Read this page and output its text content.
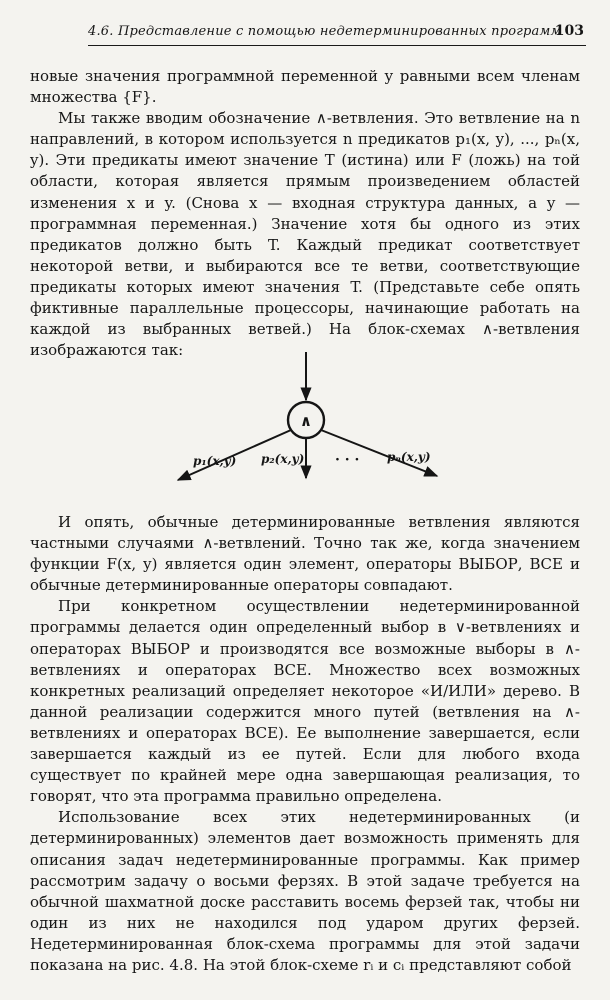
4.6. Представление с помощью недетерминированных программ
103

новые значения программной переменной y равными всем членам множества {F}.

Мы также вводим обозначение ∧-ветвления. Это ветвление на n направлений, в котором используется n предикатов p₁(x, y), ..., pₙ(x, y). Эти предикаты имеют значение T (истина) или F (ложь) на той области, которая является прямым произведением областей изменения x и y. (Снова x — входная структура данных, а y — программная переменная.) Значение хотя бы одного из этих предикатов должно быть T. Каждый предикат соответствует некоторой ветви, и выбираются все те ветви, соответствующие предикаты которых имеют значения T. (Представьте себе опять фиктивные параллельные процессоры, начинающие работать на каждой из выбранных ветвей.) На блок-схемах ∧-ветвления изображаются так:

∧
p₁(x,y) p₂(x,y) · · · pₙ(x,y)

И опять, обычные детерминированные ветвления являются частными случаями ∧-ветвлений. Точно так же, когда значением функции F(x, y) является один элемент, операторы ВЫБОР, ВСЕ и обычные детерминированные операторы совпадают.

При конкретном осуществлении недетерминированной программы делается один определенный выбор в ∨-ветвлениях и операторах ВЫБОР и производятся все возможные выборы в ∧-ветвлениях и операторах ВСЕ. Множество всех возможных конкретных реализаций определяет некоторое «И/ИЛИ» дерево. В данной реализации содержится много путей (ветвления на ∧-ветвлениях и операторах ВСЕ). Ее выполнение завершается, если завершается каждый из ее путей. Если для любого входа существует по крайней мере одна завершающая реализация, то говорят, что эта программа правильно определена.

Использование всех этих недетерминированных (и детерминированных) элементов дает возможность применять для описания задач недетерминированные программы. Как пример рассмотрим задачу о восьми ферзях. В этой задаче требуется на обычной шахматной доске расставить восемь ферзей так, чтобы ни один из них не находился под ударом других ферзей. Недетерминированная блок-схема программы для этой задачи показана на рис. 4.8. На этой блок-схеме rᵢ и cᵢ представляют собой
